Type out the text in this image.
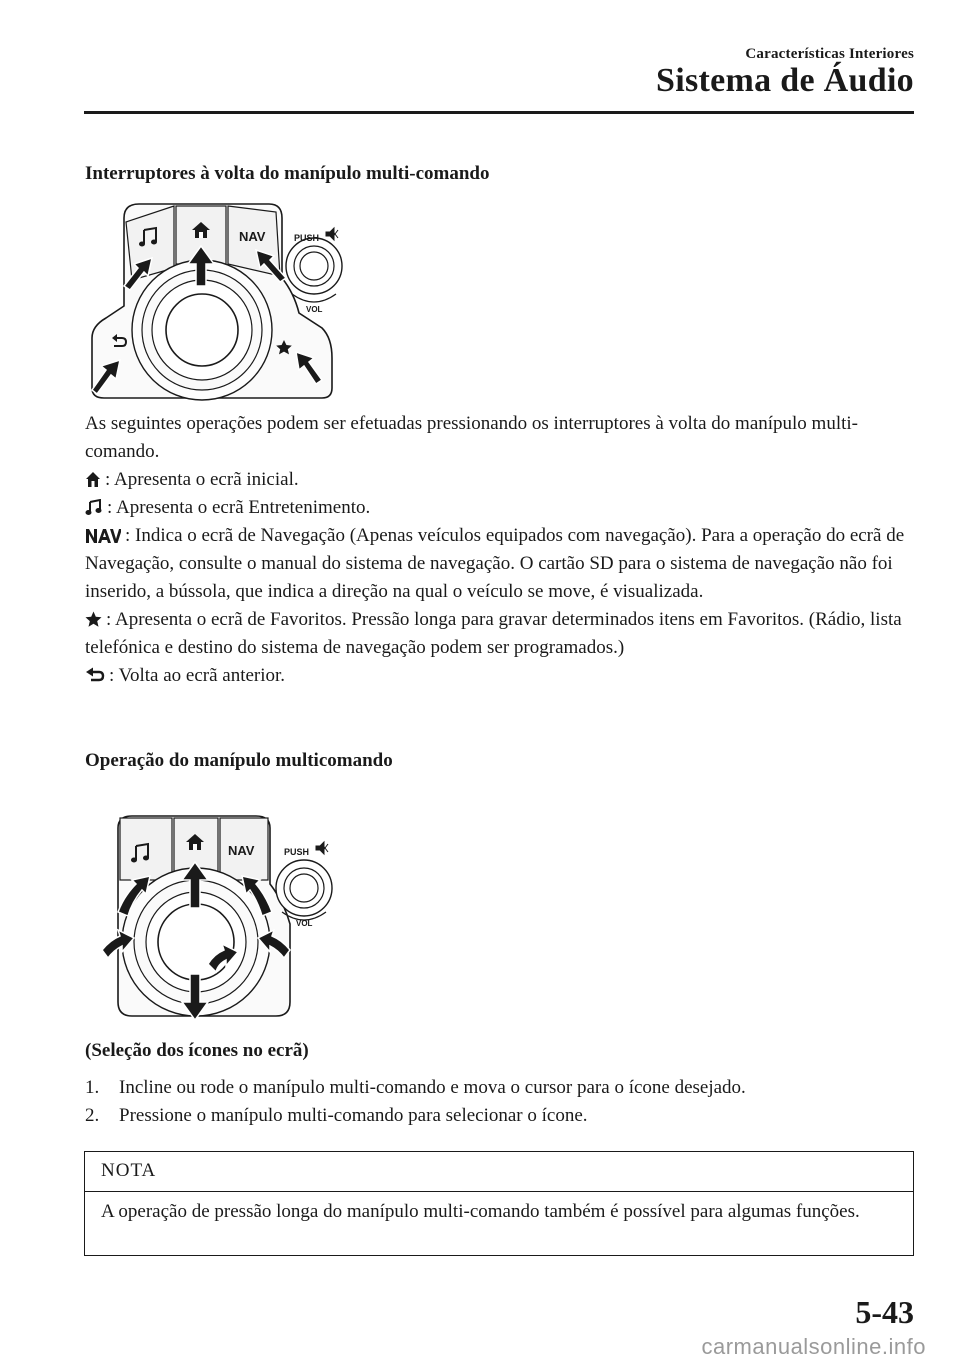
Características Interiores
Sistema de Áudio
Interruptores à volta do manípulo multi-comando
PUSH
VOL
NAV

As seguintes operações podem ser efetuadas pressionando os interruptores à volta do manípulo multi-comando.

: Apresenta o ecrã inicial.

: Apresenta o ecrã Entretenimento.

: Indica o ecrã de Navegação (Apenas veículos equipados com navegação). Para a operação do ecrã de Navegação, consulte o manual do sistema de navegação. O cartão SD para o sistema de navegação não foi inserido, a bússola, que indica a direção na qual o veículo se move, é visualizada.

: Apresenta o ecrã de Favoritos. Pressão longa para gravar determinados itens em Favoritos. (Rádio, lista telefónica e destino do sistema de navegação podem ser programados.)

: Volta ao ecrã anterior.

Operação do manípulo multicomando
PUSH
VOL
NAV
(Seleção dos ícones no ecrã)
1.	Incline ou rode o manípulo multi-comando e mova o cursor para o ícone desejado.
2.	Pressione o manípulo multi-comando para selecionar o ícone.
NOTA
A operação de pressão longa do manípulo multi-comando também é possível para algumas funções.
5-43
carmanualsonline.info
